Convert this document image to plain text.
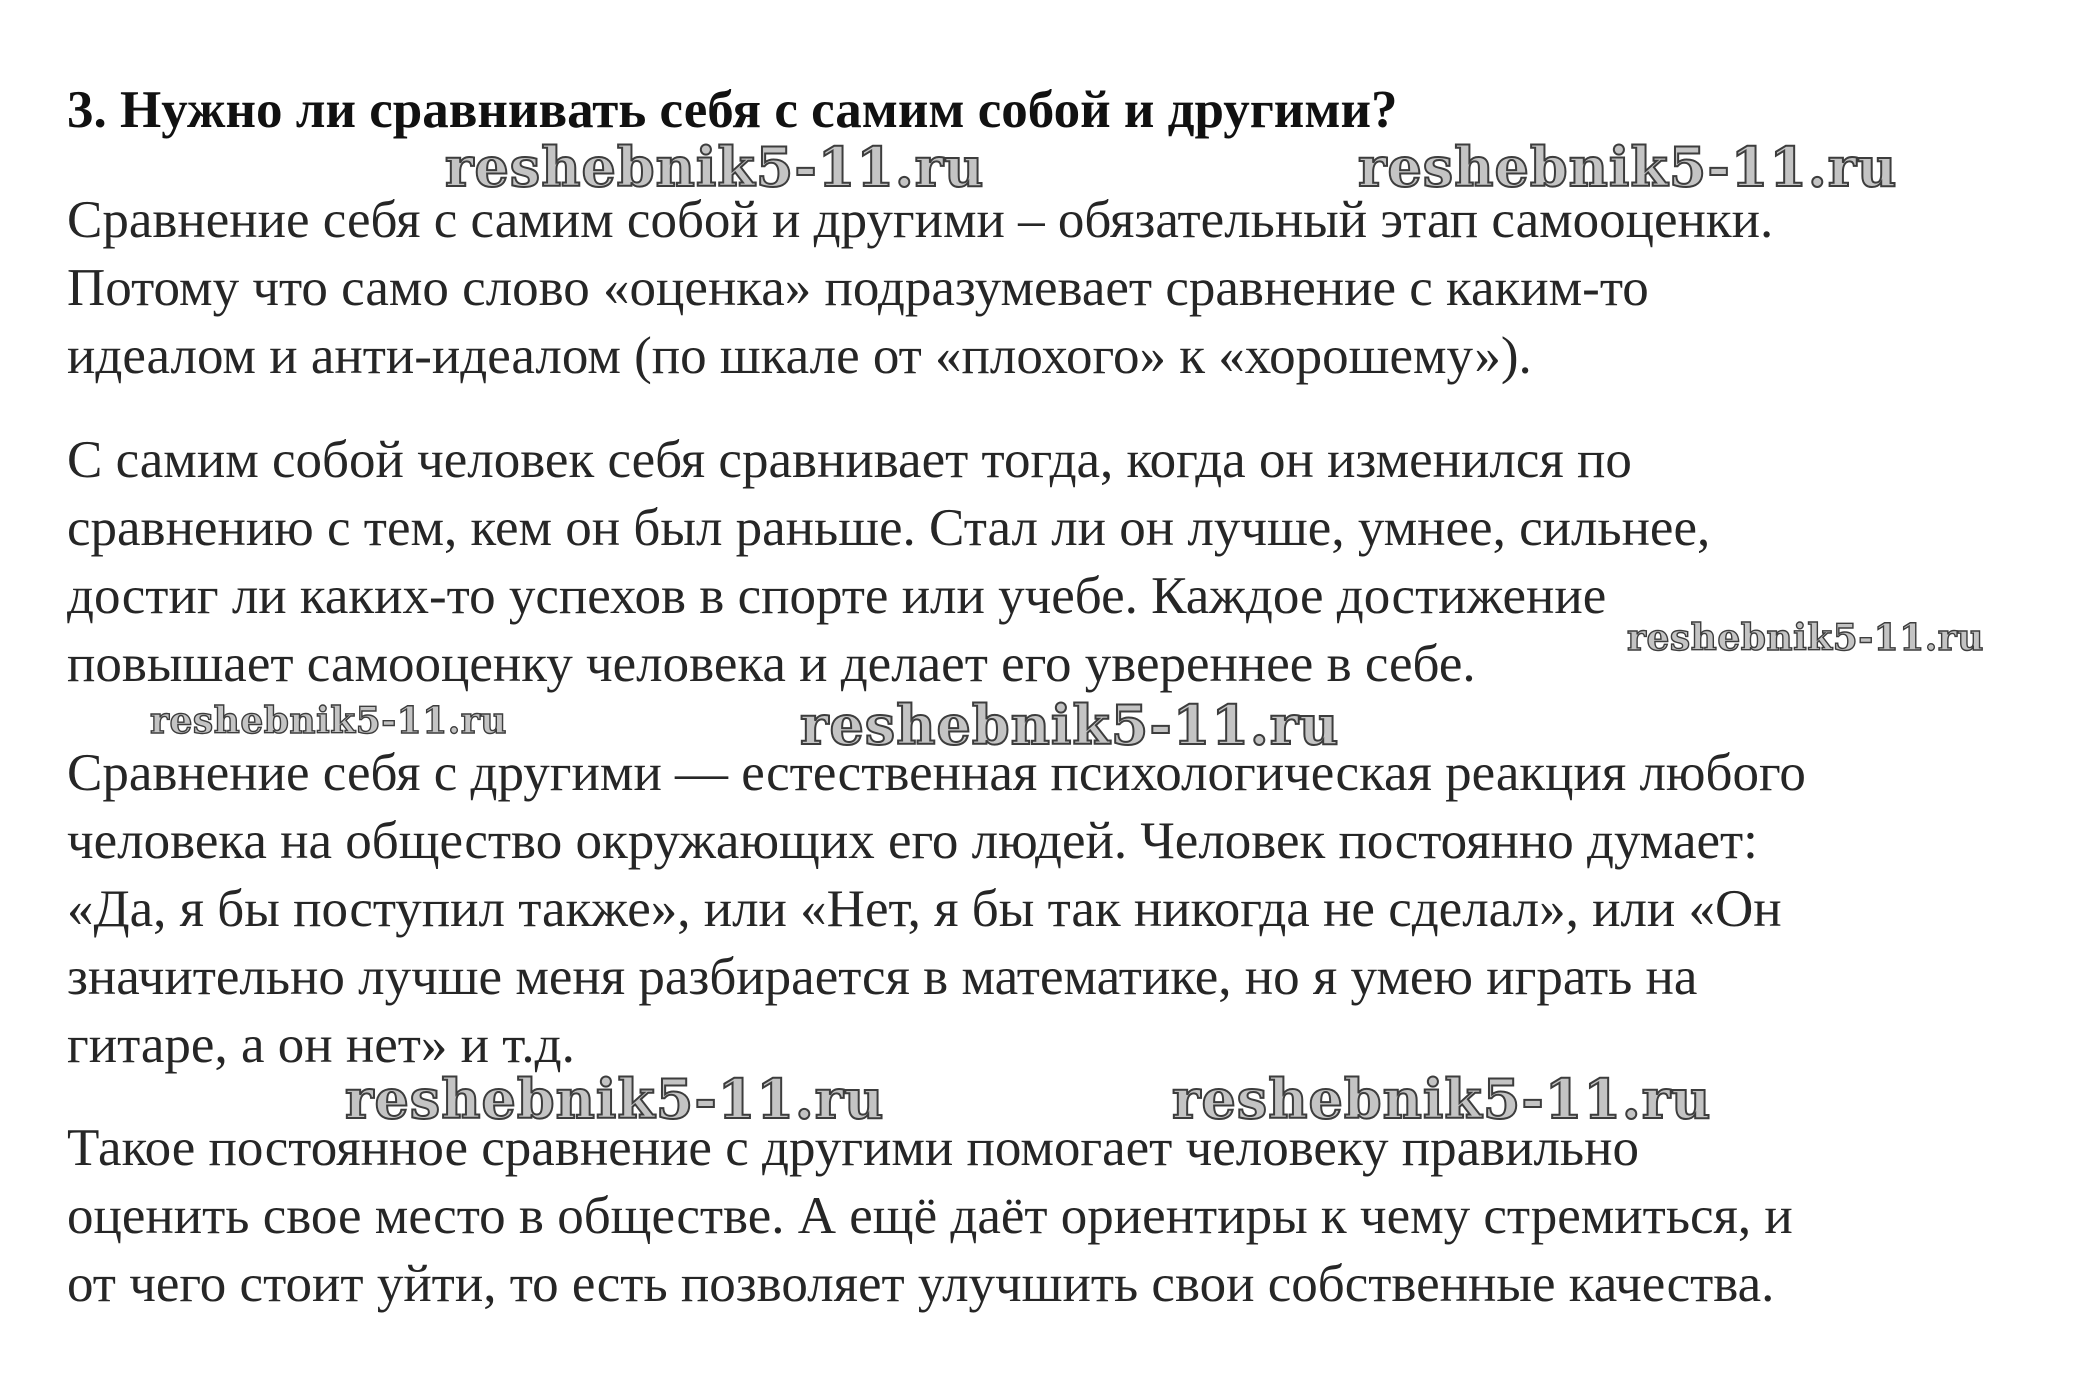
3. Нужно ли сравнивать себя с самим собой и другими?

Сравнение себя с самим собой и другими – обязательный этап самооценки.
Потому что само слово «оценка» подразумевает сравнение с каким-то
идеалом и анти-идеалом (по шкале от «плохого» к «хорошему»).

С самим собой человек себя сравнивает тогда, когда он изменился по
сравнению с тем, кем он был раньше. Стал ли он лучше, умнее, сильнее,
достиг ли каких-то успехов в спорте или учебе. Каждое достижение
повышает самооценку человека и делает его увереннее в себе.

Сравнение себя с другими — естественная психологическая реакция любого
человека на общество окружающих его людей. Человек постоянно думает:
«Да, я бы поступил также», или «Нет, я бы так никогда не сделал», или «Он
значительно лучше меня разбирается в математике, но я умею играть на
гитаре, а он нет» и т.д.

Такое постоянное сравнение с другими помогает человеку правильно
оценить свое место в обществе. А ещё даёт ориентиры к чему стремиться, и
от чего стоит уйти, то есть позволяет улучшить свои собственные качества.

reshebnik5-11.ru	reshebnik5-11.ru
reshebnik5-11.ru
reshebnik5-11.ru	reshebnik5-11.ru
reshebnik5-11.ru	reshebnik5-11.ru
